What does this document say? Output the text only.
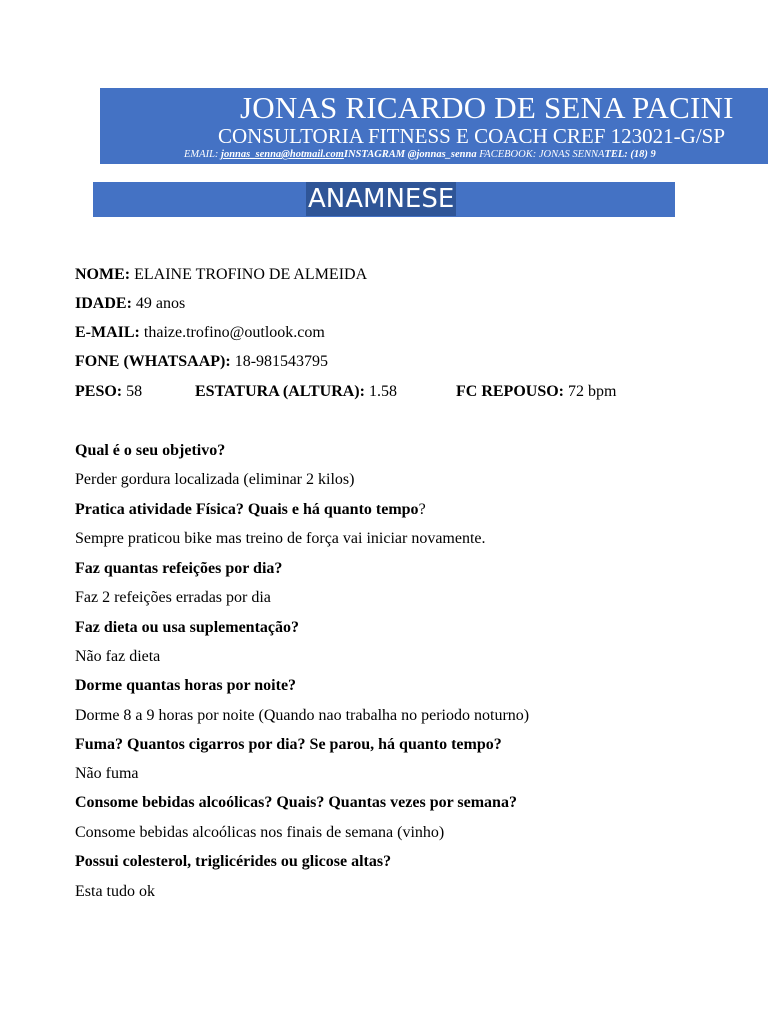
JONAS RICARDO DE SENA PACINI
CONSULTORIA FITNESS E COACH CREF 123021-G/SP
EMAIL: jonnas_senna@hotmail.comINSTAGRAM @jonnas_senna FACEBOOK: JONAS SENNATEL: (18) 9
ANAMNESE
NOME: ELAINE TROFINO DE ALMEIDA
IDADE: 49 anos
E-MAIL: thaize.trofino@outlook.com
FONE (WHATSAAP): 18-981543795
PESO: 58	ESTATURA (ALTURA): 1.58	FC REPOUSO: 72 bpm
Qual é o seu objetivo?
Perder gordura localizada (eliminar 2 kilos)
Pratica atividade Física? Quais e há quanto tempo?
Sempre praticou bike mas treino de força vai iniciar novamente.
Faz quantas refeições por dia?
Faz 2 refeições erradas por dia
Faz dieta ou usa suplementação?
Não faz dieta
Dorme quantas horas por noite?
Dorme 8 a 9 horas por noite (Quando nao trabalha no periodo noturno)
Fuma? Quantos cigarros por dia? Se parou, há quanto tempo?
Não fuma
Consome bebidas alcoólicas? Quais? Quantas vezes por semana?
Consome bebidas alcoólicas nos finais de semana (vinho)
Possui colesterol, triglicérides ou glicose altas?
Esta tudo ok
